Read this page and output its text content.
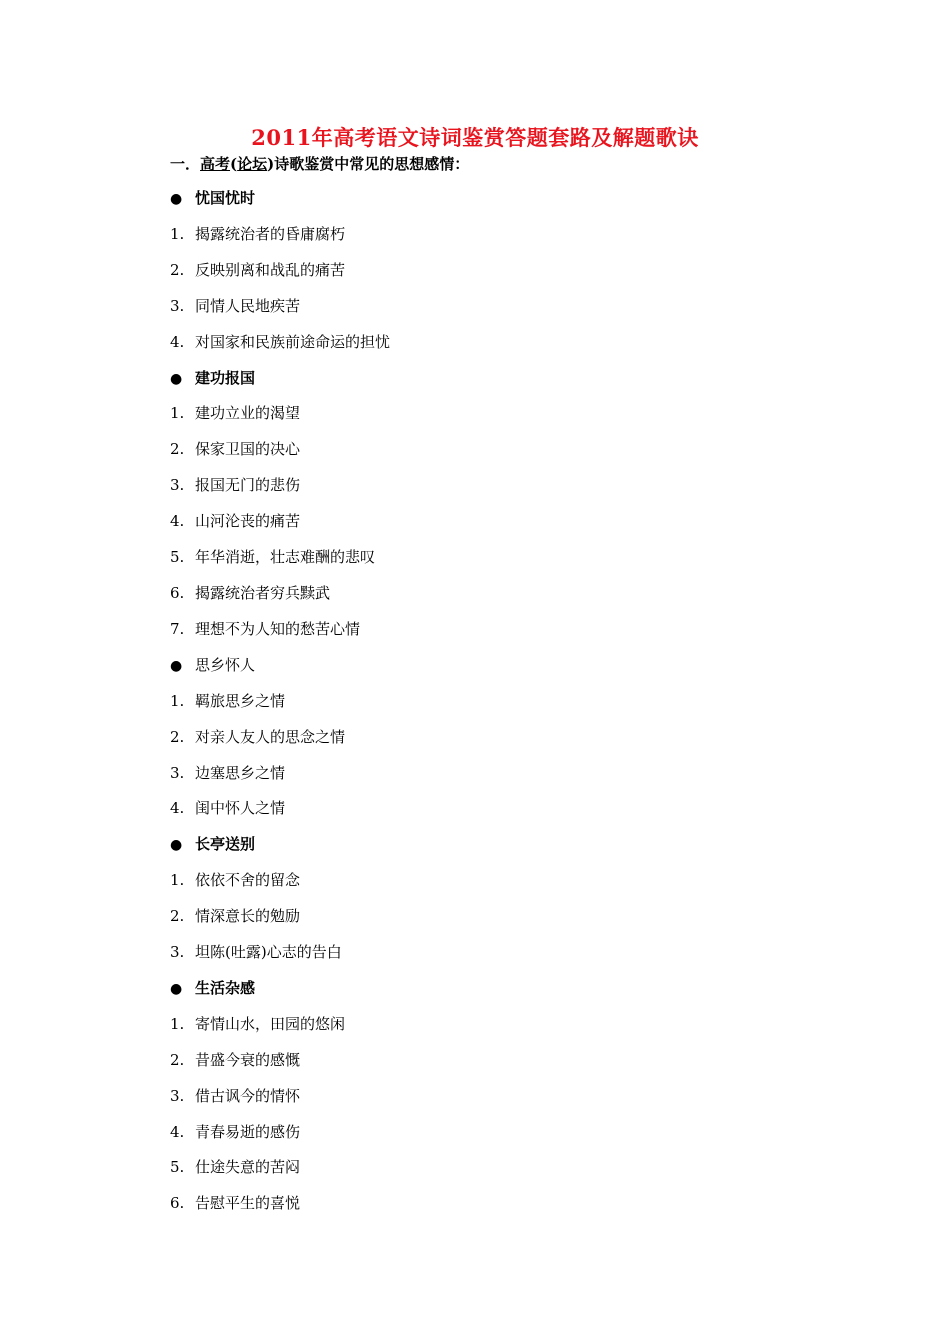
2011年高考语文诗词鉴赏答题套路及解题歌诀
一．高考(论坛)诗歌鉴赏中常见的思想感情：
● 忧国忧时
1. 揭露统治者的昏庸腐朽
2. 反映别离和战乱的痛苦
3. 同情人民地疾苦
4. 对国家和民族前途命运的担忧
● 建功报国
1. 建功立业的渴望
2. 保家卫国的决心
3. 报国无门的悲伤
4. 山河沦丧的痛苦
5. 年华消逝，壮志难酬的悲叹
6. 揭露统治者穷兵黩武
7. 理想不为人知的愁苦心情
● 思乡怀人
1. 羁旅思乡之情
2. 对亲人友人的思念之情
3. 边塞思乡之情
4. 闺中怀人之情
● 长亭送别
1. 依依不舍的留念
2. 情深意长的勉励
3. 坦陈(吐露)心志的告白
● 生活杂感
1. 寄情山水，田园的悠闲
2. 昔盛今衰的感慨
3. 借古讽今的情怀
4. 青春易逝的感伤
5. 仕途失意的苦闷
6. 告慰平生的喜悦
